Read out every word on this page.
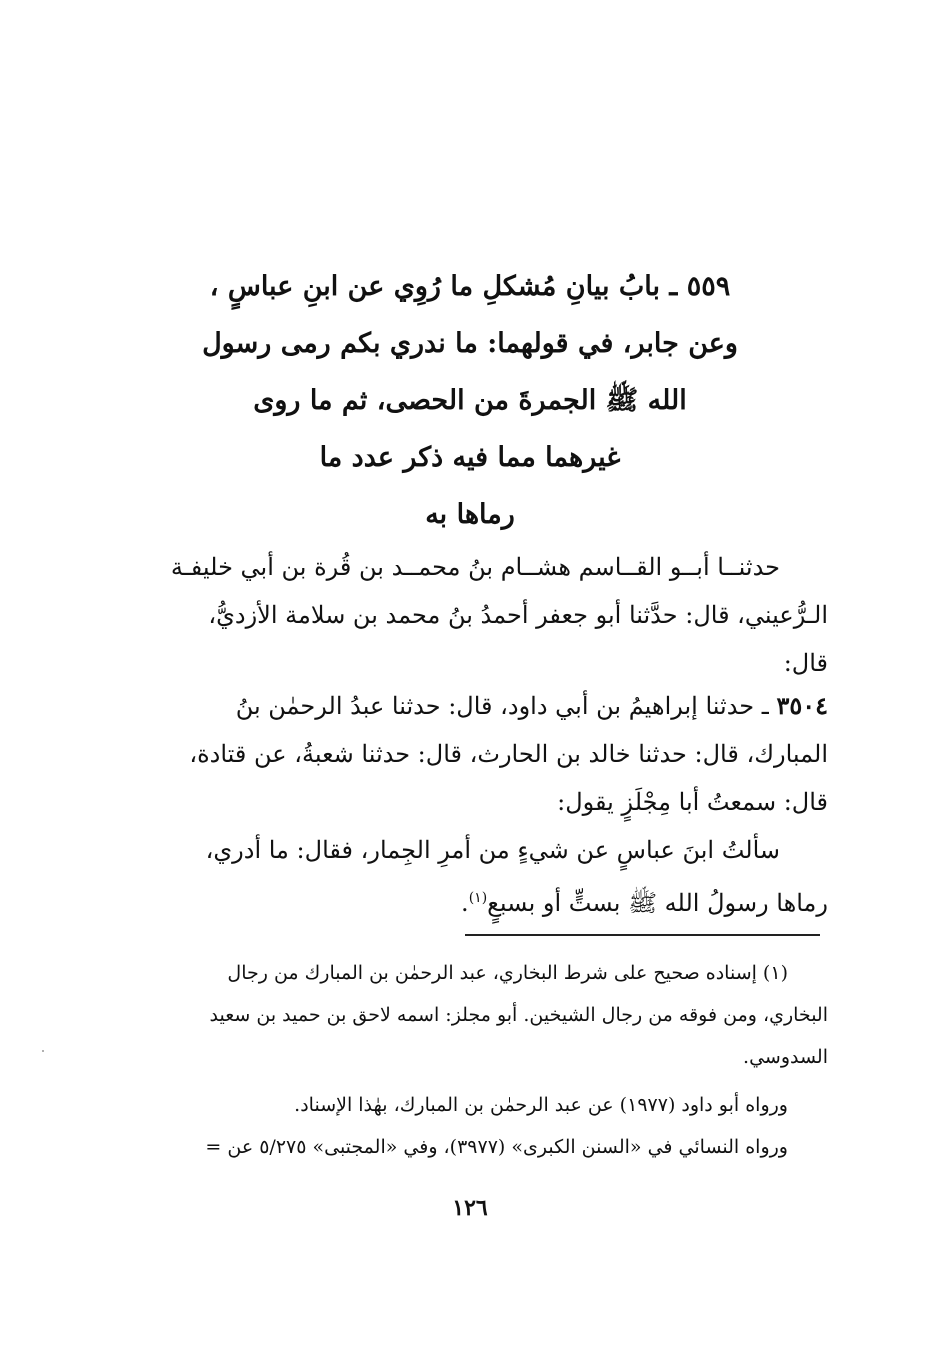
٥٥٩ ـ بابُ بيانِ مُشكلِ ما رُوِي عن ابنِ عباسٍ ،
وعن جابر، في قولهما: ما ندري بكم رمى رسول
الله ﷺ الجمرةَ من الحصى، ثم ما روى
غيرهما مما فيه ذكر عدد ما
رماها به
حدثنــا أبــو القــاسم هشــام بنُ محمــد بن قُرة بن أبي خليفـة
الـرُّعيني، قال: حدَّثنا أبو جعفر أحمدُ بنُ محمد بن سلامة الأزديُّ،
قال:
٣٥٠٤ ـ حدثنا إبراهيمُ بن أبي داود، قال: حدثنا عبدُ الرحمٰن بنُ
المبارك، قال: حدثنا خالد بن الحارث، قال: حدثنا شعبةُ، عن قتادة،
قال: سمعتُ أبا مِجْلَزٍ يقول:
سألتُ ابنَ عباسٍ عن شيءٍ من أمرِ الجِمار، فقال: ما أدري،
رماها رسولُ الله ﷺ بستٍّ أو بسبعٍ$^{(١)}$.
(١) إسناده صحيح على شرط البخاري، عبد الرحمٰن بن المبارك من رجال
البخاري، ومن فوقه من رجال الشيخين. أبو مجلز: اسمه لاحق بن حميد بن سعيد
السدوسي.
ورواه أبو داود (١٩٧٧) عن عبد الرحمٰن بن المبارك، بهٰذا الإسناد.
ورواه النسائي في «السنن الكبرى» (٣٩٧٧)، وفي «المجتبى» ٥/٢٧٥ عن =
١٢٦
